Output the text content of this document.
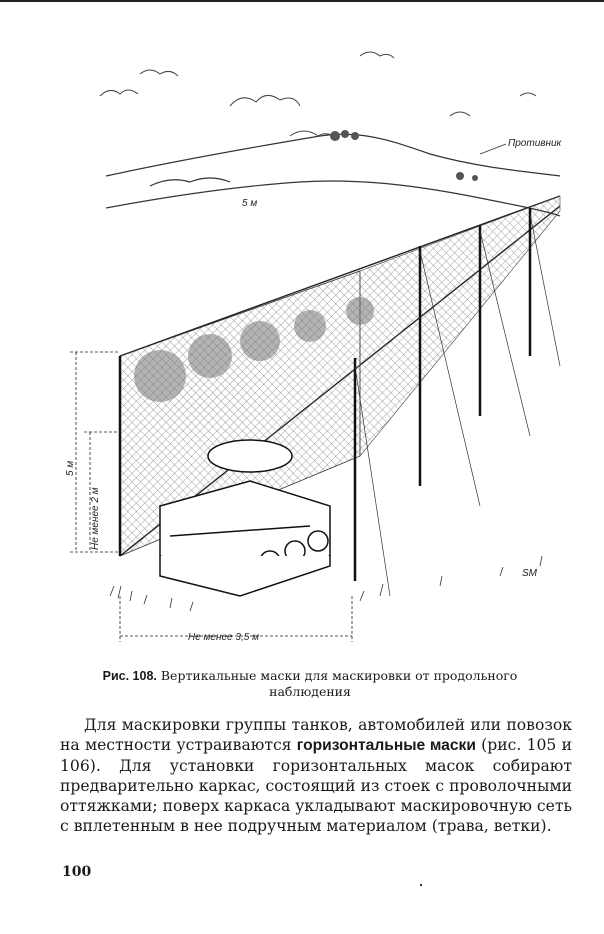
Противник
5 м
Не менее 2 м
Не менее 3,5 м
5 м
SM
Рис. 108. Вертикальные маски для маскировки от продольного наблюдения

Для маскировки группы танков, автомобилей или повозок на местности устраиваются горизонтальные маски (рис. 105 и 106). Для установки горизонтальных масок собирают предварительно каркас, состоящий из стоек с проволочными оттяжками; поверх каркаса укладывают маскировочную сеть с вплетенным в нее подручным материалом (трава, ветки).

100
